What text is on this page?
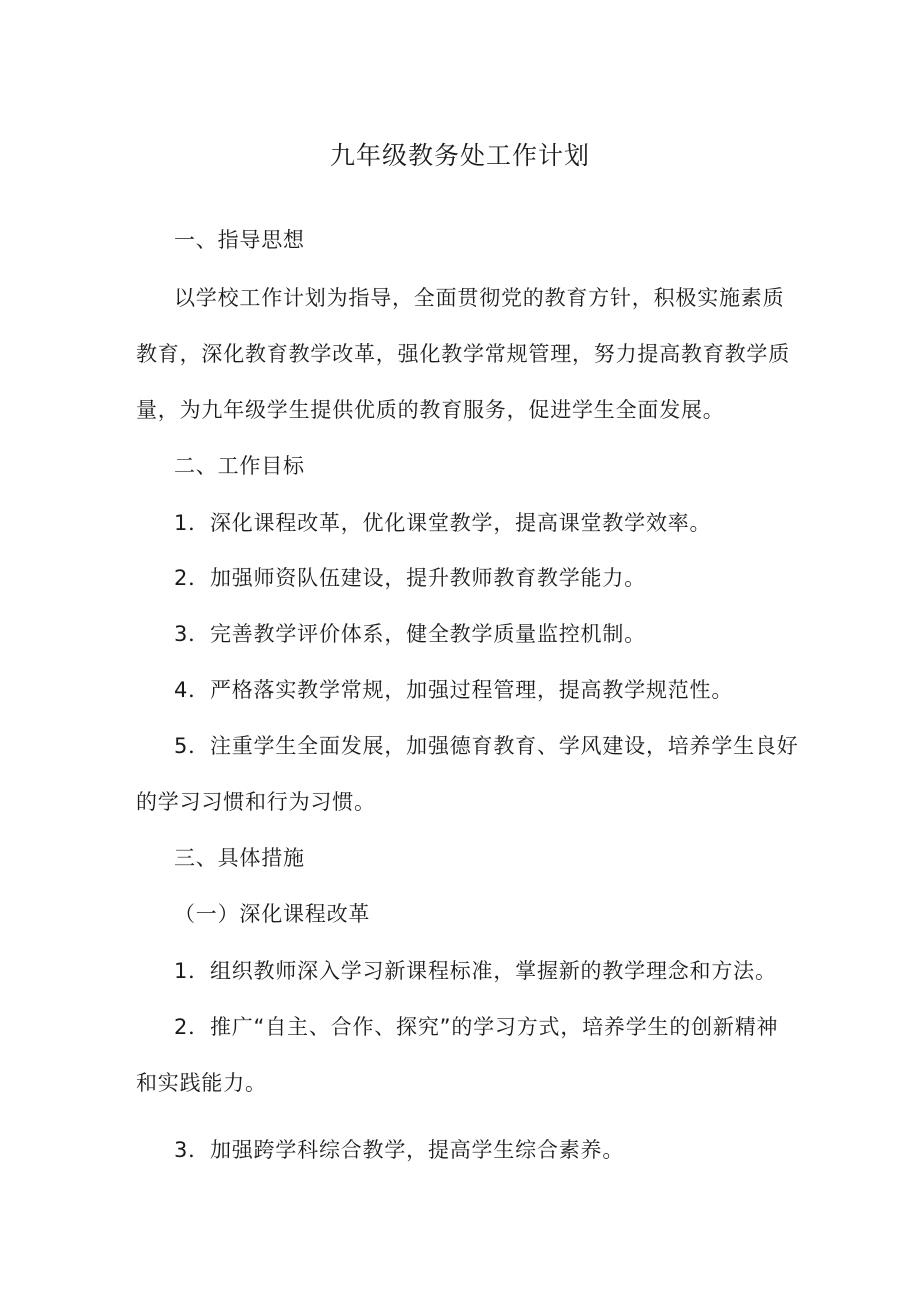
九年级教务处工作计划

一、指导思想

以学校工作计划为指导，全面贯彻党的教育方针，积极实施素质

教育，深化教育教学改革，强化教学常规管理，努力提高教育教学质

量，为九年级学生提供优质的教育服务，促进学生全面发展。

二、工作目标

1．深化课程改革，优化课堂教学，提高课堂教学效率。

2．加强师资队伍建设，提升教师教育教学能力。

3．完善教学评价体系，健全教学质量监控机制。

4．严格落实教学常规，加强过程管理，提高教学规范性。

5．注重学生全面发展，加强德育教育、学风建设，培养学生良好

的学习习惯和行为习惯。

三、具体措施

（一）深化课程改革

1．组织教师深入学习新课程标准，掌握新的教学理念和方法。

2．推广“自主、合作、探究”的学习方式，培养学生的创新精神

和实践能力。

3．加强跨学科综合教学，提高学生综合素养。
